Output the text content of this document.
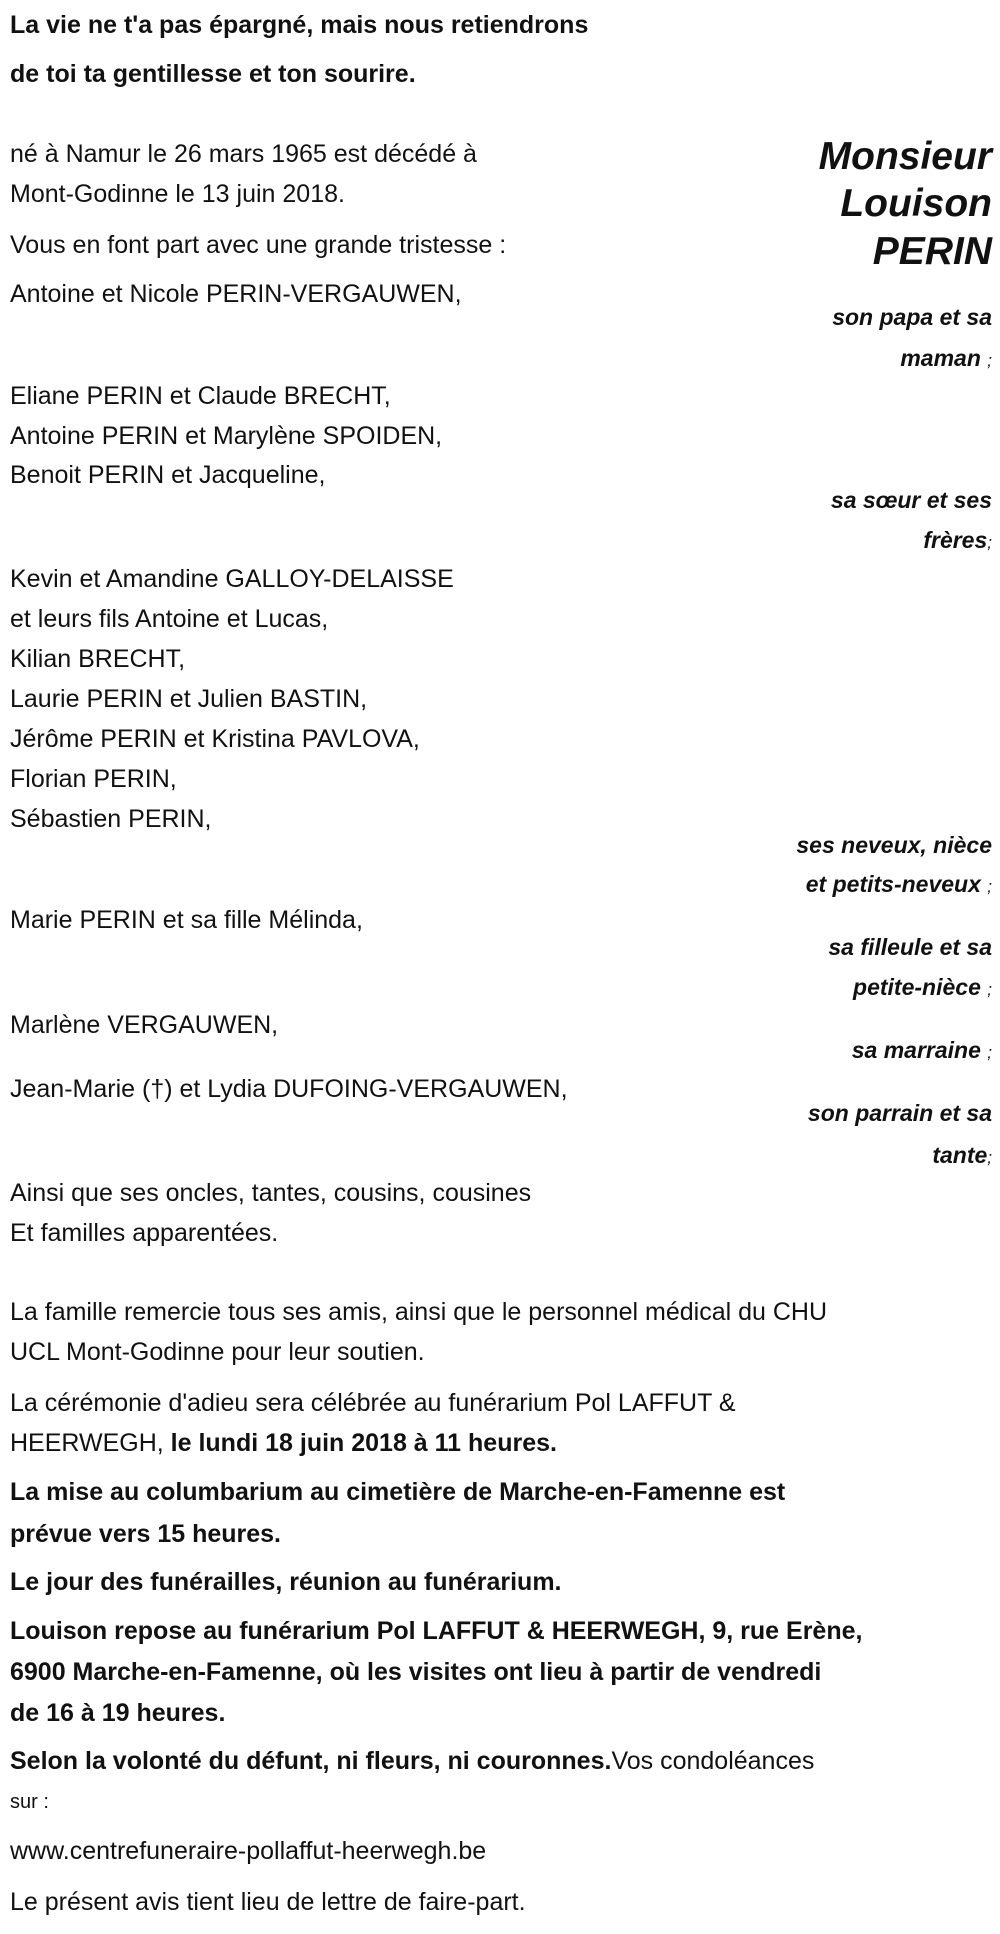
La vie ne t'a pas épargné, mais nous retiendrons
de toi ta gentillesse et ton sourire.
Monsieur
Louison
PERIN
né à Namur le 26 mars 1965 est décédé à
Mont-Godinne le 13 juin 2018.
Vous en font part avec une grande tristesse :
Antoine et Nicole PERIN-VERGAUWEN,
son papa et sa
maman ;
Eliane PERIN et Claude BRECHT,
Antoine PERIN et Marylène SPOIDEN,
Benoit PERIN et Jacqueline,
sa sœur et ses
frères;
Kevin et Amandine GALLOY-DELAISSE
et leurs fils Antoine et Lucas,
Kilian BRECHT,
Laurie PERIN et Julien BASTIN,
Jérôme PERIN et Kristina PAVLOVA,
Florian PERIN,
Sébastien PERIN,
ses neveux, nièce
et petits-neveux ;
Marie PERIN et sa fille Mélinda,
sa filleule et sa
petite-nièce ;
Marlène VERGAUWEN,
sa marraine ;
Jean-Marie (†) et Lydia DUFOING-VERGAUWEN,
son parrain et sa
tante;
Ainsi que ses oncles, tantes, cousins, cousines
Et familles apparentées.
La famille remercie tous ses amis, ainsi que le personnel médical du CHU
UCL Mont-Godinne pour leur soutien.
La cérémonie d'adieu sera célébrée au funérarium Pol LAFFUT &
HEERWEGH, le lundi 18 juin 2018 à 11 heures.
La mise au columbarium au cimetière de Marche-en-Famenne est
prévue vers 15 heures.
Le jour des funérailles, réunion au funérarium.
Louison repose au funérarium Pol LAFFUT & HEERWEGH, 9, rue Erène,
6900 Marche-en-Famenne, où les visites ont lieu à partir de vendredi
de 16 à 19 heures.
Selon la volonté du défunt, ni fleurs, ni couronnes.Vos condoléances
sur :
www.centrefuneraire-pollaffut-heerwegh.be
Le présent avis tient lieu de lettre de faire-part.
